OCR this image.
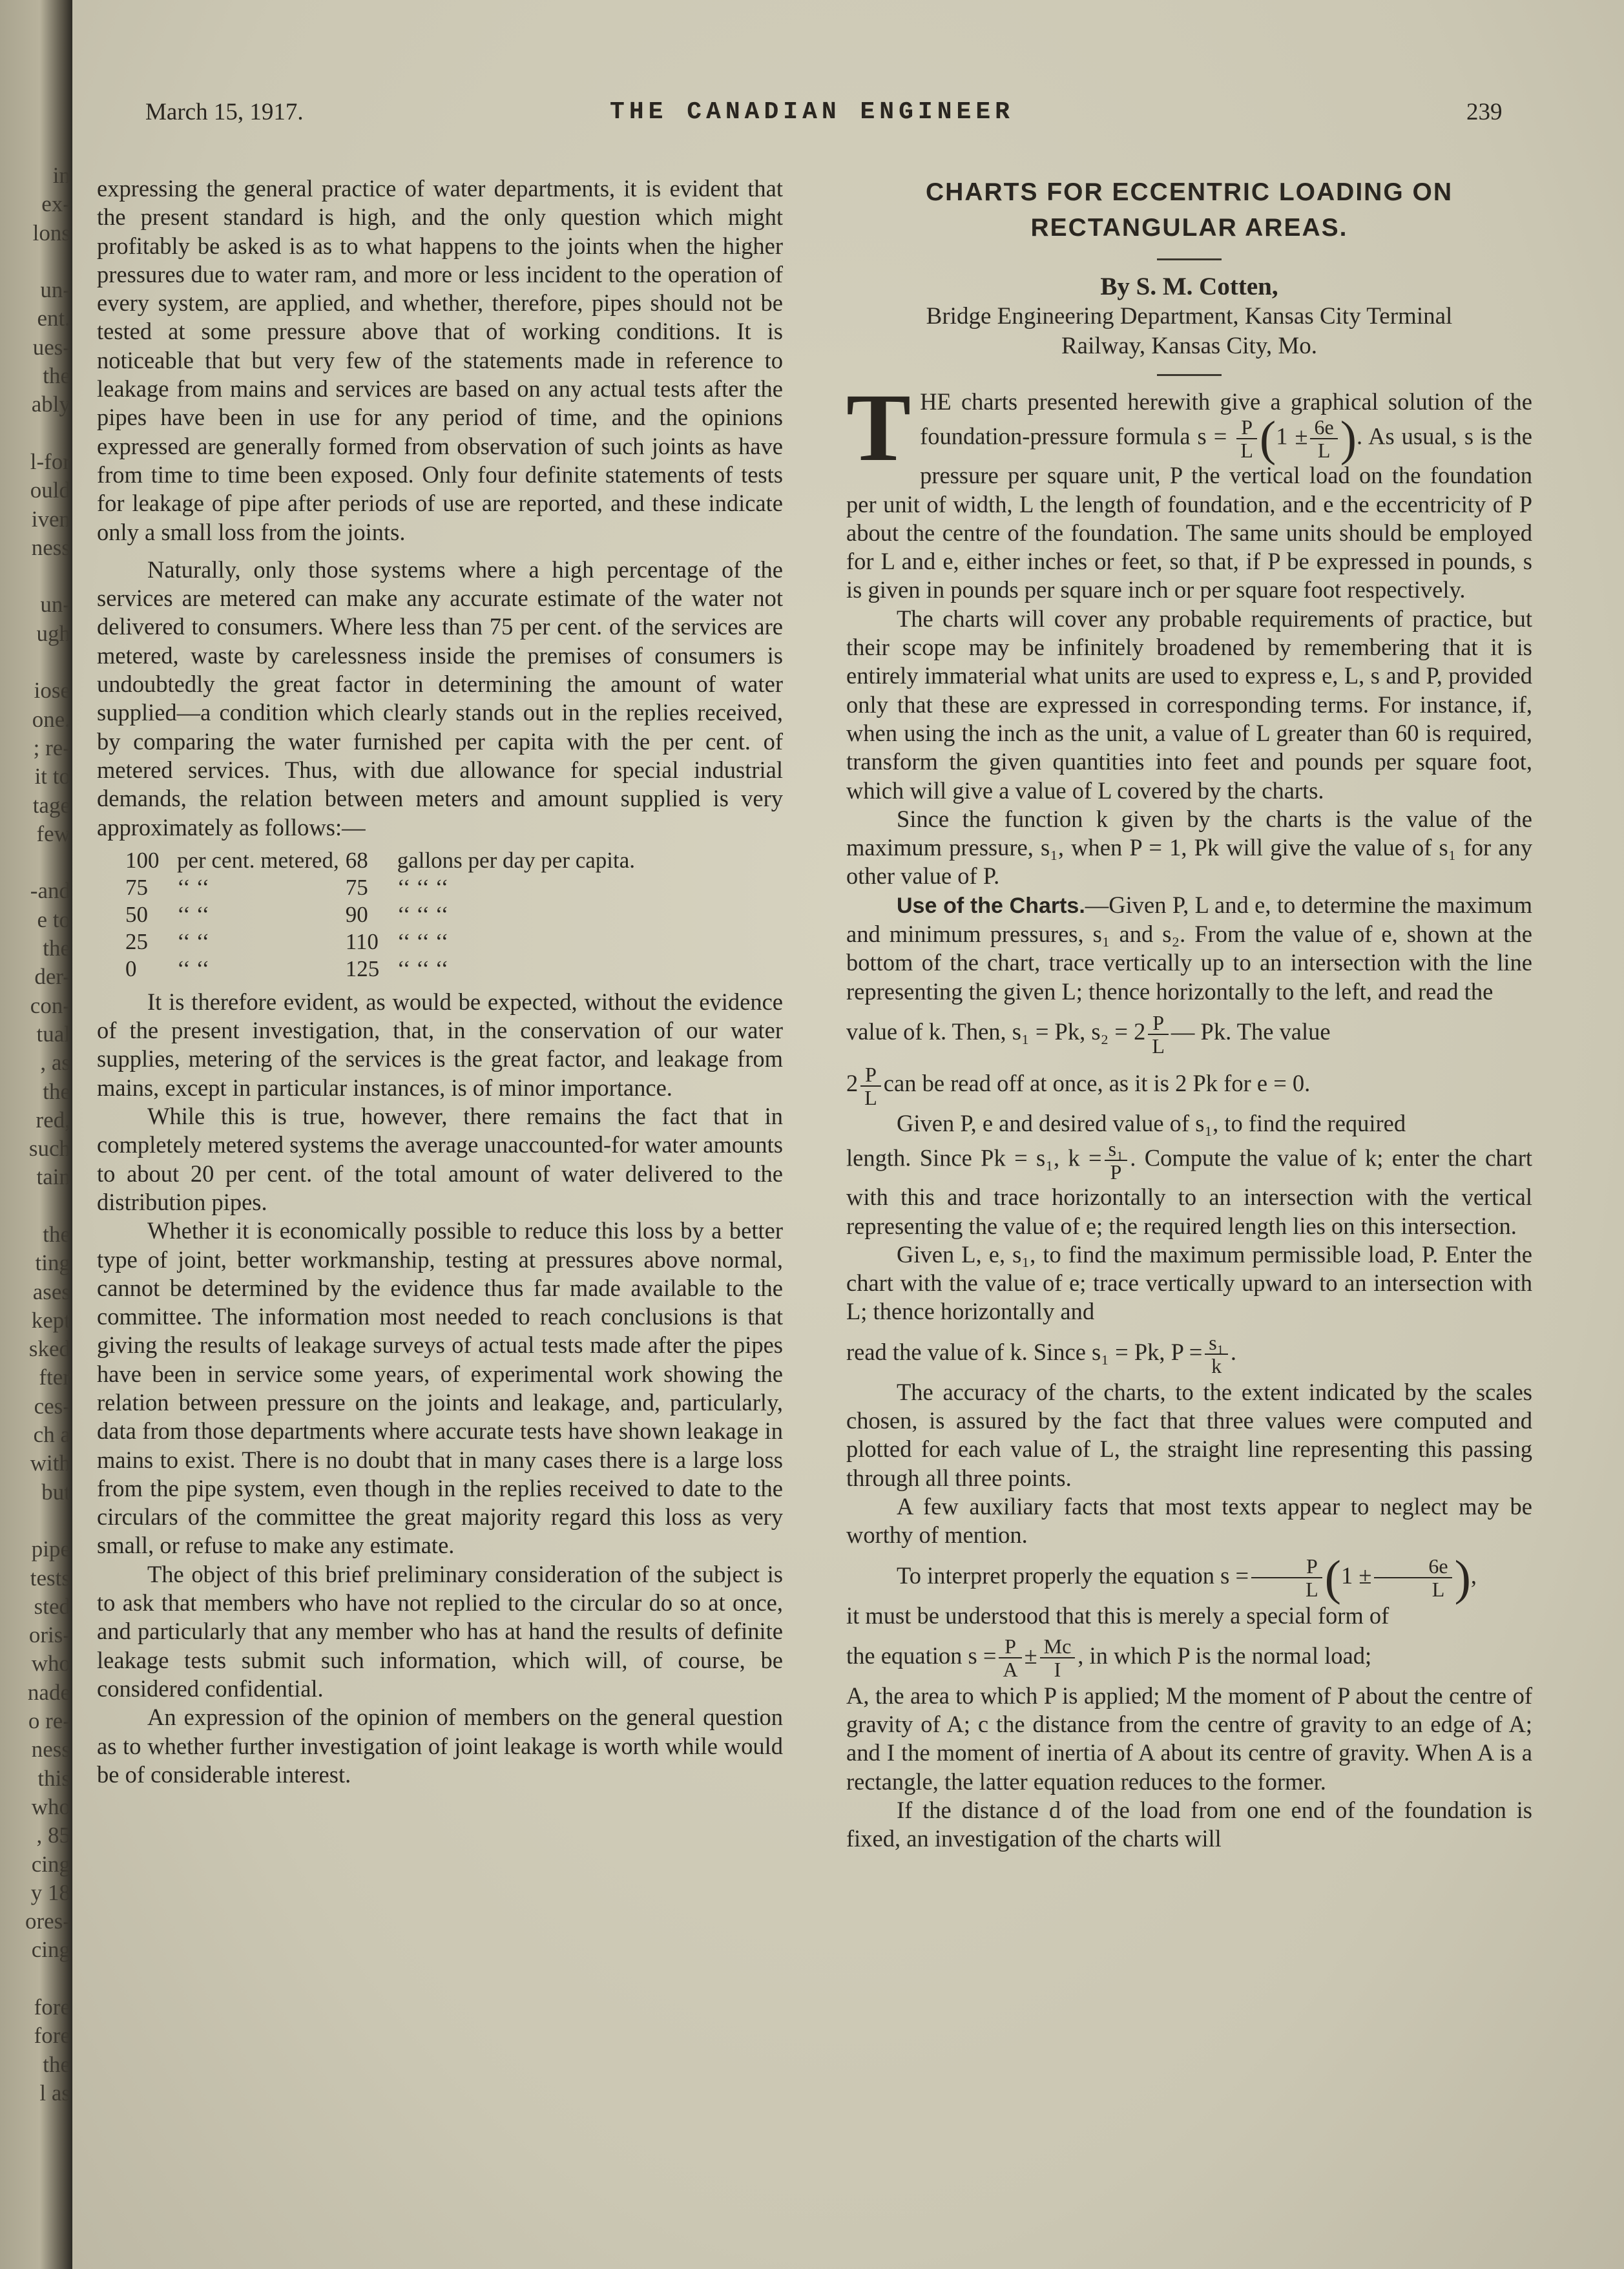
in
ex-
lons
un-
ent.
ues-
the
ably
l-for
ould
iven
ness
un-
ugh
iose
one.
; re-
it to
tage
few
-and
e to
the
der-
con-
tual
, as
the
red,
such
tain
the
ting
ases
kept
sked
fter
ces-
ch a
with
but
pipe
tests
sted
oris-
who
nade
o re-
ness
this
who
, 85
cing
y 18
ores-
cing
fore
fore
the
l as
March 15, 1917.	THE CANADIAN ENGINEER	239

expressing the general practice of water departments, it is evident that the present standard is high, and the only question which might profitably be asked is as to what happens to the joints when the higher pressures due to water ram, and more or less incident to the operation of every system, are applied, and whether, therefore, pipes should not be tested at some pressure above that of working conditions. It is noticeable that but very few of the statements made in reference to leakage from mains and services are based on any actual tests after the pipes have been in use for any period of time, and the opinions expressed are generally formed from observation of such joints as have from time to time been exposed. Only four definite statements of tests for leakage of pipe after periods of use are reported, and these indicate only a small loss from the joints.

Naturally, only those systems where a high percentage of the services are metered can make any accurate estimate of the water not delivered to consumers. Where less than 75 per cent. of the services are metered, waste by carelessness inside the premises of consumers is undoubtedly the great factor in determining the amount of water supplied—a condition which clearly stands out in the replies received, by comparing the water furnished per capita with the per cent. of metered services. Thus, with due allowance for special industrial demands, the relation between meters and amount supplied is very approximately as follows:—

100	per cent. metered,	68	gallons per day per capita.
75	‘‘ ‘‘	75	‘‘ ‘‘ ‘‘
50	‘‘ ‘‘	90	‘‘ ‘‘ ‘‘
25	‘‘ ‘‘	110	‘‘ ‘‘ ‘‘
0	‘‘ ‘‘	125	‘‘ ‘‘ ‘‘

It is therefore evident, as would be expected, without the evidence of the present investigation, that, in the conservation of our water supplies, metering of the services is the great factor, and leakage from mains, except in particular instances, is of minor importance.

While this is true, however, there remains the fact that in completely metered systems the average unaccounted-for water amounts to about 20 per cent. of the total amount of water delivered to the distribution pipes.

Whether it is economically possible to reduce this loss by a better type of joint, better workmanship, testing at pressures above normal, cannot be determined by the evidence thus far made available to the committee. The information most needed to reach conclusions is that giving the results of leakage surveys of actual tests made after the pipes have been in service some years, of experimental work showing the relation between pressure on the joints and leakage, and, particularly, data from those departments where accurate tests have shown leakage in mains to exist. There is no doubt that in many cases there is a large loss from the pipe system, even though in the replies received to date to the circulars of the committee the great majority regard this loss as very small, or refuse to make any estimate.

The object of this brief preliminary consideration of the subject is to ask that members who have not replied to the circular do so at once, and particularly that any member who has at hand the results of definite leakage tests submit such information, which will, of course, be considered confidential.

An expression of the opinion of members on the general question as to whether further investigation of joint leakage is worth while would be of considerable interest.

CHARTS FOR ECCENTRIC LOADING ON
RECTANGULAR AREAS.
By S. M. Cotten,
Bridge Engineering Department, Kansas City Terminal
Railway, Kansas City, Mo.

THE charts presented herewith give a graphical solution of the foundation-pressure formula $s = \frac{P}{L} (1 \pm \frac{6e}{L}$ ). As usual, s is the pressure per square unit, P the vertical load on the foundation per unit of width, L the length of foundation, and e the eccentricity of P about the centre of the foundation. The same units should be employed for L and e, either inches or feet, so that, if P be expressed in pounds, s is given in pounds per square inch or per square foot respectively.

The charts will cover any probable requirements of practice, but their scope may be infinitely broadened by remembering that it is entirely immaterial what units are used to express e, L, s and P, provided only that these are expressed in corresponding terms. For instance, if, when using the inch as the unit, a value of L greater than 60 is required, transform the given quantities into feet and pounds per square foot, which will give a value of L covered by the charts.

Since the function k given by the charts is the value of the maximum pressure, s₁, when P = 1, Pk will give the value of s₁ for any other value of P.

Use of the Charts.—Given P, L and e, to determine the maximum and minimum pressures, s₁ and s₂. From the value of e, shown at the bottom of the chart, trace vertically up to an intersection with the line representing the given L; thence horizontally to the left, and read the

value of k. Then, s₁ = Pk, $s_2 = 2 \frac{P}{L}$ — Pk. The value

$2 \frac{P}{L}$ can be read off at once, as it is 2 Pk for e = 0.

Given P, e and desired value of s₁, to find the required

length. Since Pk = s₁, $k = \frac{\text{s₁}}{P}$ . Compute the value of k; enter the chart with this and trace horizontally to an intersection with the vertical representing the value of e; the required length lies on this intersection.

Given L, e, s₁, to find the maximum permissible load, P. Enter the chart with the value of e; trace vertically upward to an intersection with L; thence horizontally and

read the value of k. Since s₁ = Pk, $P = \frac{\text{s₁}}{k}$ .

The accuracy of the charts, to the extent indicated by the scales chosen, is assured by the fact that three values were computed and plotted for each value of L, the straight line representing this passing through all three points.

A few auxiliary facts that most texts appear to neglect may be worthy of mention.

To interpret properly the equation $s = \frac{P}{L} (1 \pm \frac{6e}{L}$ ),

it must be understood that this is merely a special form of

the equation $s = \frac{P}{A} \pm \frac{Mc}{I}$ , in which P is the normal load;

A, the area to which P is applied; M the moment of P about the centre of gravity of A; c the distance from the centre of gravity to an edge of A; and I the moment of inertia of A about its centre of gravity. When A is a rectangle, the latter equation reduces to the former.

If the distance d of the load from one end of the foundation is fixed, an investigation of the charts will
